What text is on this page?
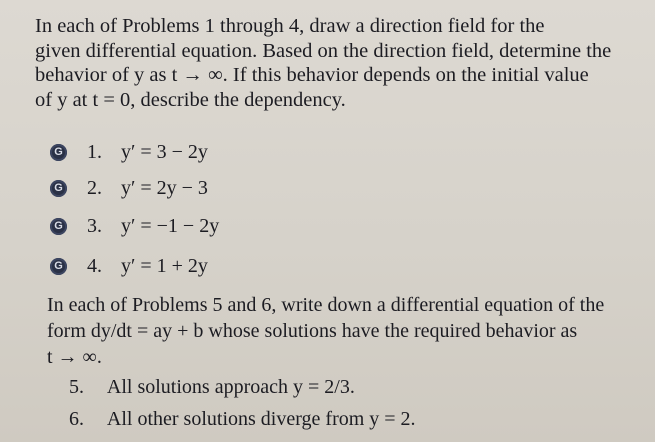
In each of Problems 1 through 4, draw a direction field for the
given differential equation. Based on the direction field, determine the
behavior of y as t → ∞. If this behavior depends on the initial value
of y at t = 0, describe the dependency.

G 1. y′ = 3 − 2y
G 2. y′ = 2y − 3
G 3. y′ = −1 − 2y
G 4. y′ = 1 + 2y

In each of Problems 5 and 6, write down a differential equation of the
form dy/dt = ay + b whose solutions have the required behavior as
t → ∞.

5. All solutions approach y = 2/3.
6. All other solutions diverge from y = 2.
